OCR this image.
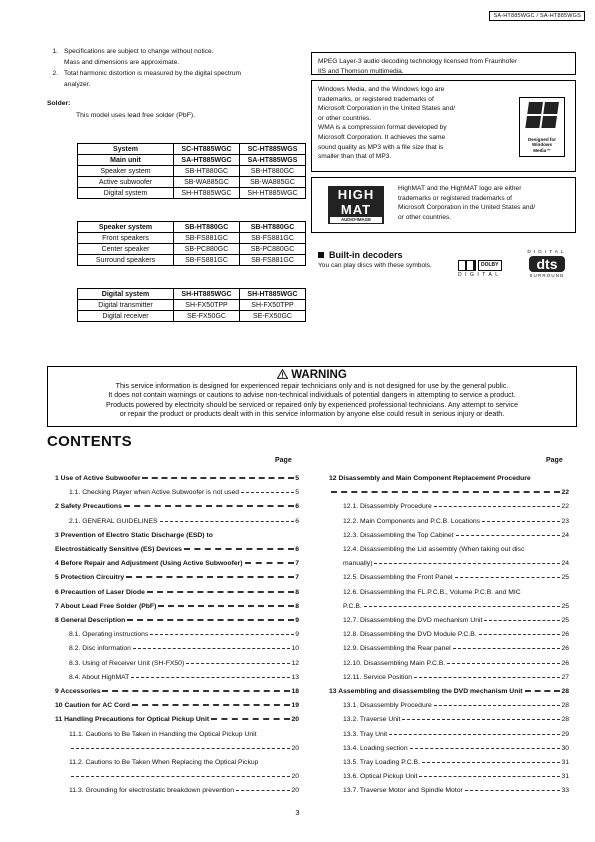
SA-HT885WGC / SA-HT885WGS
1. Specifications are subject to change without notice.
Mass and dimensions are approximate.
2. Total harmonic distortion is measured by the digital spectrum
analyzer.
Solder:
This model uses lead free solder (PbF).
System	SC-HT885WGC	SC-HT885WGS
Main unit	SA-HT885WGC	SA-HT885WGS
Speaker system	SB-HT880GC	SB-HT880GC
Active subwoofer	SB-WA885GC	SB-WA885GC
Digital system	SH-HT885WGC	SH-HT885WGC
Speaker system	SB-HT880GC	SB-HT880GC
Front speakers	SB-FS881GC	SB-FS881GC
Center speaker	SB-PC880GC	SB-PC880GC
Surround speakers	SB-FS881GC	SB-FS881GC
Digital system	SH-HT885WGC	SH-HT885WGC
Digital transmitter	SH-FX50TPP	SH-FX50TPP
Digital receiver	SE-FX50GC	SE-FX50GC
MPEG Layer-3 audio decoding technology licensed from Fraunhofer
IIS and Thomson multimedia.
Windows Media, and the Windows logo are
trademarks, or registered trademarks of
Microsoft Corporation in the United States and/
or other countries.
WMA is a compression format developed by
Microsoft Corporation. It achieves the same
sound quality as MP3 with a file size that is
smaller than that of MP3.
Designed for
Windows
Media™
HIGH
MAT
AUDIO•IMAGE
HighMAT and the HighMAT logo are either
trademarks or registered trademarks of
Microsoft Corporation in the United States and/
or other countries.
Built-in decoders
You can play discs with these symbols.	DOLBY
DIGITAL
DIGITAL
dts
SURROUND
WARNING
This service information is designed for experienced repair technicians only and is not designed for use by the general public.
It does not contain warnings or cautions to advise non-technical individuals of potential dangers in attempting to service a product.
Products powered by electricity should be serviced or repaired only by experienced professional technicians. Any attempt to service
or repair the product or products dealt with in this service information by anyone else could result in serious injury or death.
CONTENTS
Page	Page
1 Use of Active Subwoofer	5
1.1. Checking Player when Active Subwoofer is not used	5
2 Safety Precautions	6
2.1. GENERAL GUIDELINES	6
3 Prevention of Electro Static Discharge (ESD) to
Electrostatically Sensitive (ES) Devices	6
4 Before Repair and Adjustment (Using Active Subwoofer)	7
5 Protection Circuitry	7
6 Precaution of Laser Diode	8
7 About Lead Free Solder (PbF)	8
8 General Description	9
8.1. Operating instructions	9
8.2. Disc information	10
8.3. Using of Receiver Unit (SH-FX50)	12
8.4. About HighMAT	13
9 Accessories	18
10 Caution for AC Cord	19
11 Handling Precautions for Optical Pickup Unit	20
11.1. Cautions to Be Taken in Handling the Optical Pickup Unit
20
11.2. Cautions to Be Taken When Replacing the Optical Pickup
20
11.3. Grounding for electrostatic breakdown prevention	20
12 Disassembly and Main Component Replacement Procedure
22
12.1. Disassembly Procedure	22
12.2. Main Components and P.C.B. Locations	23
12.3. Disassembling the Top Cabinet	24
12.4. Disassembling the Lid assembly (When taking out disc
manually)	24
12.5. Disassembling the Front Panel	25
12.6. Disassembling the FL.P.C.B., Volume P.C.B. and MIC
P.C.B.	25
12.7. Disassembling the DVD mechanism Unit	25
12.8. Disassembling the DVD Module P.C.B.	26
12.9. Disassembling the Rear panel	26
12.10. Disassembling Main P.C.B.	26
12.11. Service Position	27
13 Assembling and disassembling the DVD mechanism Unit	28
13.1. Disassembly Procedure	28
13.2. Traverse Unit	28
13.3. Tray Unit	29
13.4. Loading section	30
13.5. Tray Loading P.C.B.	31
13.6. Optical Pickup Unit	31
13.7. Traverse Motor and Spindle Motor	33
3
